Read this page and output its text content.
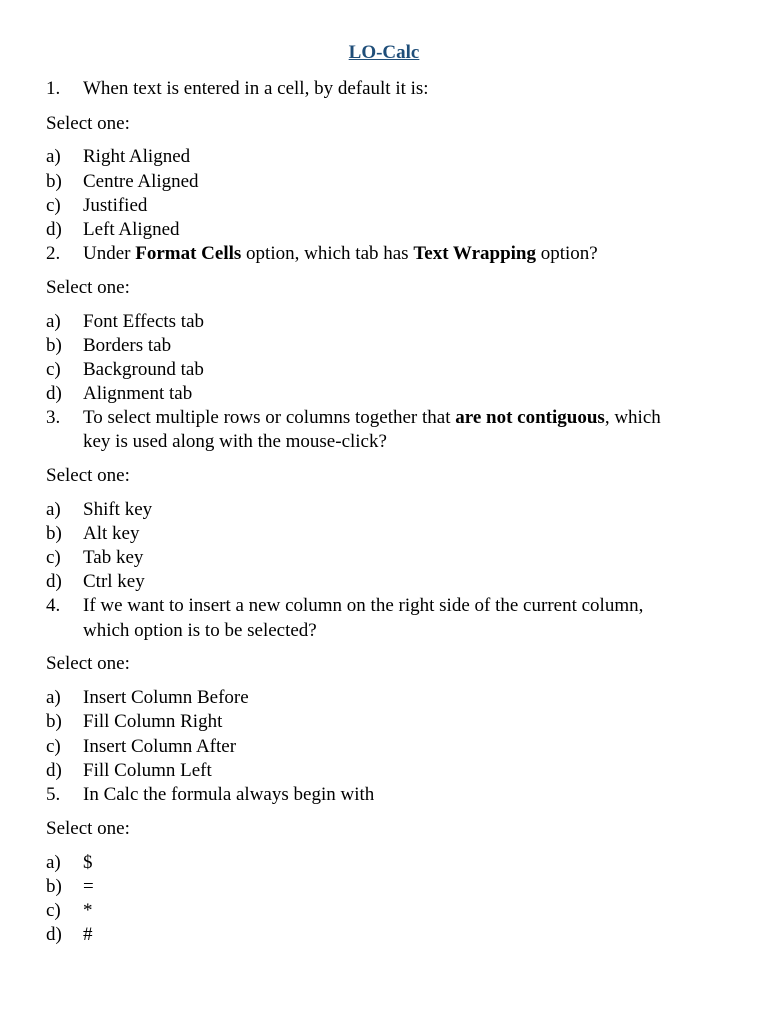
LO-Calc
1. When text is entered in a cell, by default it is:
Select one:
a) Right Aligned
b) Centre Aligned
c) Justified
d) Left Aligned
2. Under Format Cells option, which tab has Text Wrapping option?
Select one:
a) Font Effects tab
b) Borders tab
c) Background tab
d) Alignment tab
3. To select multiple rows or columns together that are not contiguous, which
key is used along with the mouse-click?
Select one:
a) Shift key
b) Alt key
c) Tab key
d) Ctrl key
4. If we want to insert a new column on the right side of the current column,
which option is to be selected?
Select one:
a) Insert Column Before
b) Fill Column Right
c) Insert Column After
d) Fill Column Left
5. In Calc the formula always begin with
Select one:
a) $
b) =
c) *
d) #
